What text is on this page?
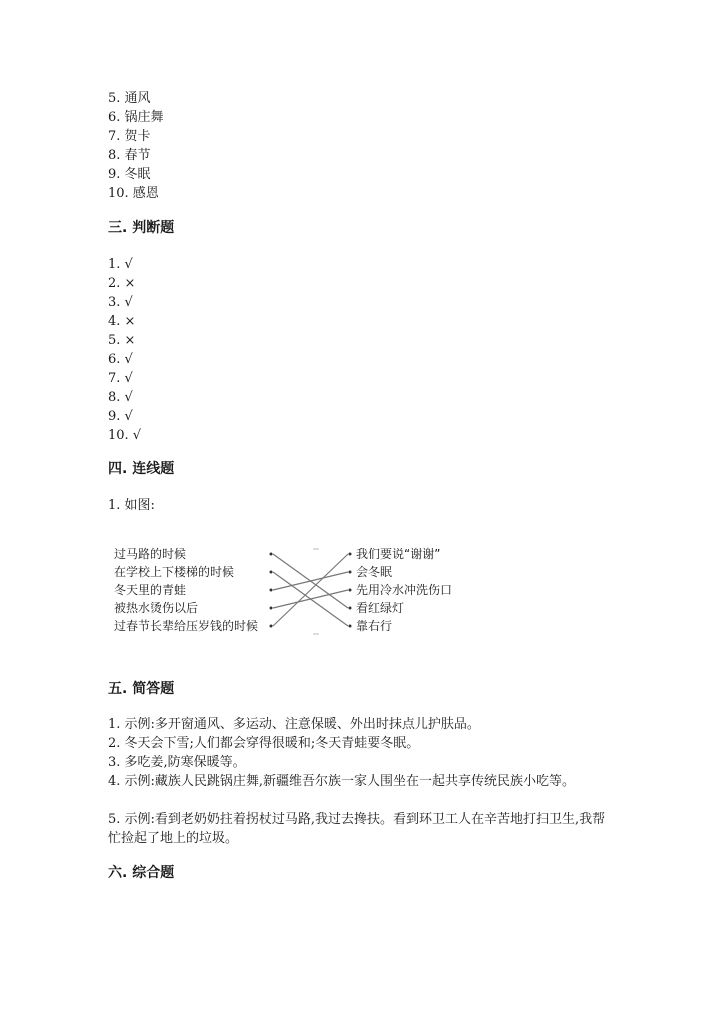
5. 通风
6. 锅庄舞
7. 贺卡
8. 春节
9. 冬眠
10. 感恩
三. 判断题
1. √
2. ×
3. √
4. ×
5. ×
6. √
7. √
8. √
9. √
10. √
四. 连线题
1. 如图:
过马路的时候
在学校上下楼梯的时候
冬天里的青蛙
被热水烫伤以后
过春节长辈给压岁钱的时候
我们要说“谢谢”
会冬眠
先用冷水冲洗伤口
看红绿灯
靠右行
五. 简答题
1. 示例:多开窗通风、多运动、注意保暖、外出时抹点儿护肤品。
2. 冬天会下雪;人们都会穿得很暖和;冬天青蛙要冬眠。
3. 多吃姜,防寒保暖等。
4. 示例:藏族人民跳锅庄舞,新疆维吾尔族一家人围坐在一起共享传统民族小吃等。
5. 示例:看到老奶奶拄着拐杖过马路,我过去搀扶。看到环卫工人在辛苦地打扫卫生,我帮忙捡起了地上的垃圾。
六. 综合题
